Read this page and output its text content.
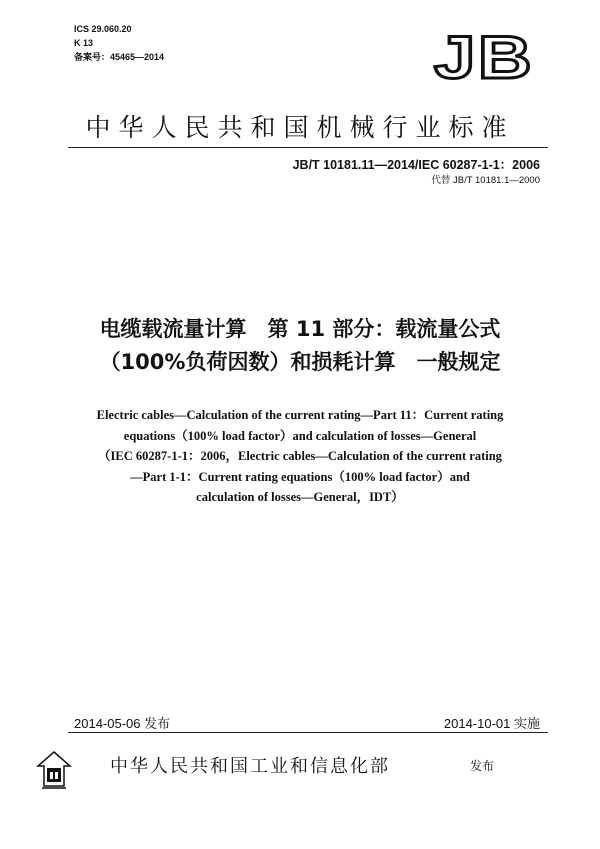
ICS 29.060.20
K 13
备案号：45465—2014	JB
中华人民共和国机械行业标准
JB/T 10181.11—2014/IEC 60287-1-1：2006
代替 JB/T 10181.1—2000
电缆载流量计算　第 11 部分：载流量公式
（100%负荷因数）和损耗计算　一般规定
Electric cables—Calculation of the current rating—Part 11：Current rating
equations（100% load factor）and calculation of losses—General
（IEC 60287-1-1：2006，Electric cables—Calculation of the current rating
—Part 1-1：Current rating equations（100% load factor）and
calculation of losses—General，IDT）
2014-05-06 发布	2014-10-01 实施
中华人民共和国工业和信息化部	发布
